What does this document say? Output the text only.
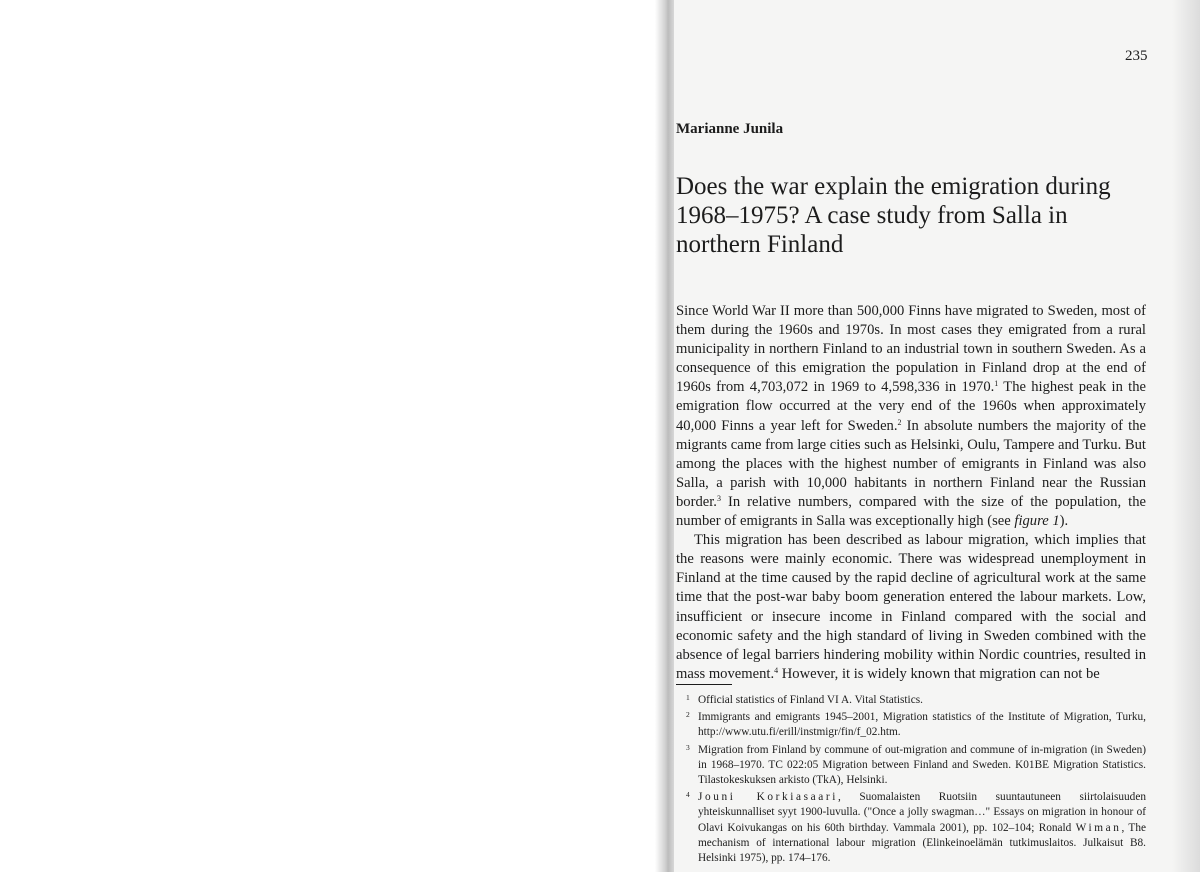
235
Marianne Junila
Does the war explain the emigration during 1968–1975? A case study from Salla in northern Finland

Since World War II more than 500,000 Finns have migrated to Sweden, most of them during the 1960s and 1970s. In most cases they emigrated from a rural municipality in northern Finland to an industrial town in southern Sweden. As a consequence of this emigration the population in Finland drop at the end of 1960s from 4,703,072 in 1969 to 4,598,336 in 1970.$^1$ The highest peak in the emigration flow occurred at the very end of the 1960s when approximately 40,000 Finns a year left for Sweden.$^2$ In absolute numbers the majority of the migrants came from large cities such as Helsinki, Oulu, Tampere and Turku. But among the places with the highest number of emigrants in Finland was also Salla, a parish with 10,000 habitants in northern Finland near the Russian border.$^3$ In relative numbers, compared with the size of the population, the number of emigrants in Salla was exceptionally high (see figure 1).

This migration has been described as labour migration, which implies that the reasons were mainly economic. There was widespread unemployment in Finland at the time caused by the rapid decline of agricultural work at the same time that the post-war baby boom generation entered the labour markets. Low, insufficient or insecure income in Finland compared with the social and economic safety and the high standard of living in Sweden combined with the absence of legal barriers hindering mobility within Nordic countries, resulted in mass movement.$^4$ However, it is widely known that migration can not be

1 Official statistics of Finland VI A. Vital Statistics.
2 Immigrants and emigrants 1945–2001, Migration statistics of the Institute of Migration, Turku, http://www.utu.fi/erill/instmigr/fin/f_02.htm.
3 Migration from Finland by commune of out-migration and commune of in-migration (in Sweden) in 1968–1970. TC 022:05 Migration between Finland and Sweden. K01BE Migration Statistics. Tilastokeskuksen arkisto (TkA), Helsinki.
4 Jouni Korkiasaari, Suomalaisten Ruotsiin suuntautuneen siirtolaisuuden yhteiskunnalliset syyt 1900-luvulla. ("Once a jolly swagman…" Essays on migration in honour of Olavi Koivukangas on his 60th birthday. Vammala 2001), pp. 102–104; Ronald Wiman, The mechanism of international labour migration (Elinkeinoelämän tutkimuslaitos. Julkaisut B8. Helsinki 1975), pp. 174–176.
